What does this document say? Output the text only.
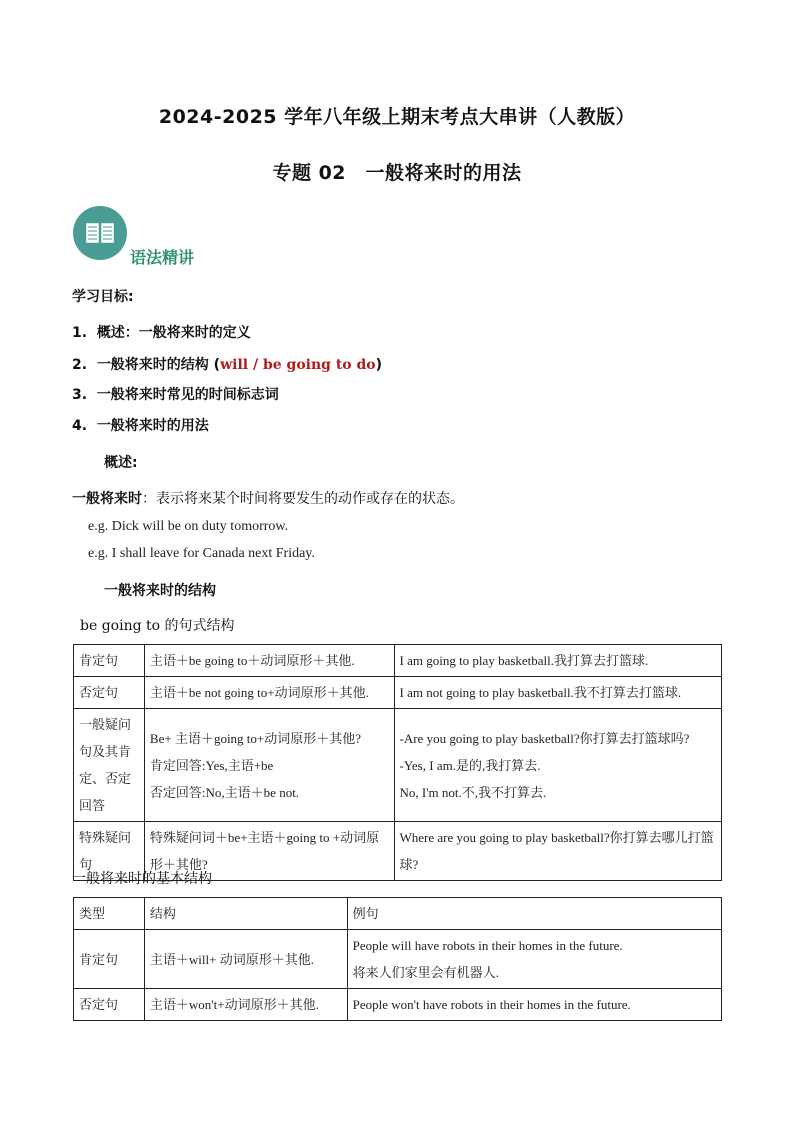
2024-2025 学年八年级上期末考点大串讲（人教版）
专题 02　一般将来时的用法
语法精讲
学习目标:
1. 概述：一般将来时的定义
2. 一般将来时的结构 (will / be going to do)
3. 一般将来时常见的时间标志词
4. 一般将来时的用法
概述:
一般将来时：表示将来某个时间将要发生的动作或存在的状态。
e.g. Dick will be on duty tomorrow.
e.g. I shall leave for Canada next Friday.
一般将来时的结构
be going to 的句式结构
肯定句	主语＋be going to＋动词原形＋其他.	I am going to play basketball.我打算去打篮球.
否定句	主语＋be not going to+动词原形＋其他.	I am not going to play basketball.我不打算去打篮球.
一般疑问句及其肯定、否定回答	Be+ 主语＋going to+动词原形＋其他?
肯定回答:Yes,主语+be
否定回答:No,主语＋be not.	-Are you going to play basketball?你打算去打篮球吗?
-Yes, I am.是的,我打算去.
No, I'm not.不,我不打算去.

特殊疑问句	特殊疑问词＋be+主语＋going to +动词原形＋其他?	Where are you going to play basketball?你打算去哪儿打篮球?
一般将来时的基本结构
类型	结构	例句
肯定句	主语＋will+ 动词原形＋其他.	People will have robots in their homes in the future.
将来人们家里会有机器人.

否定句	主语＋won't+动词原形＋其他.	People won't have robots in their homes in the future.
